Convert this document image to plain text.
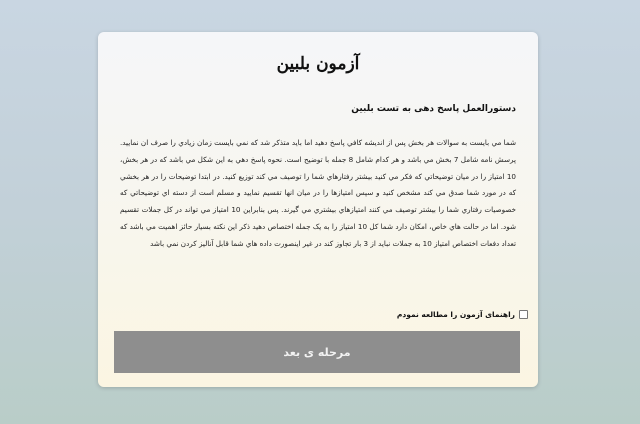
آزمون بلبین
دستورالعمل پاسخ دهی به تست بلبین

شما مي بايست به سوالات هر بخش پس از انديشه کافي پاسخ دهيد اما بايد متذکر شد که نمي بايست زمان زيادي را صرف ان نماييد. پرسش نامه شامل 7 بخش مي باشد و هر کدام شامل 8 جمله با توضيح است. نحوه پاسخ دهي به اين شکل مي باشد که در هر بخش، 10 امتياز را در ميان توضيحاتي که فکر مي کنيد بيشتر رفتارهاي شما را توصيف مي کند توزيع کنيد. در ابتدا توضيحات را در هر بخشي که در مورد شما صدق مي کند مشخص کنيد و سپس امتيازها را در ميان انها تقسيم نماييد و مسلم است از دسته اي توضيحاتي که خصوصيات رفتاري شما را بيشتر توصيف مي کنند امتيازهاي بيشتري مي گيرند. پس بنابراين 10 امتياز مي تواند در کل جملات تقسيم شود. اما در حالت هاي خاص، امکان دارد شما کل 10 امتياز را به يک جمله اختصاص دهيد ذکر اين نکته بسيار حائز اهميت مي باشد که تعداد دفعات اختصاص امتياز 10 به جملات نبايد از 3 بار تجاوز کند در غير اينصورت داده هاي شما قابل آناليز کردن نمي باشد

راهنمای آزمون را مطالعه نمودم
مرحله ی بعد
